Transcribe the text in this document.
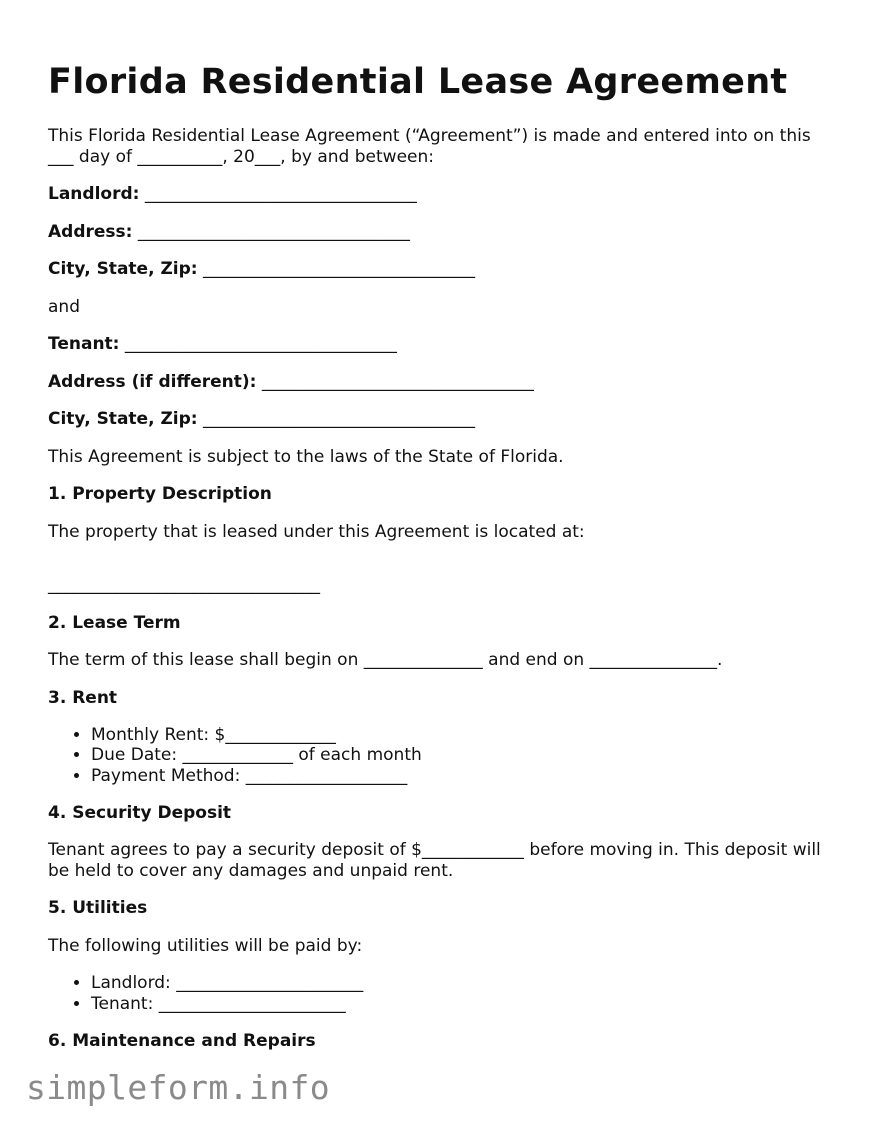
Florida Residential Lease Agreement

This Florida Residential Lease Agreement (“Agreement”) is made and entered into on this ___ day of __________, 20___, by and between:

Landlord: ________________________________

Address: ________________________________

City, State, Zip: ________________________________

and

Tenant: ________________________________

Address (if different): ________________________________

City, State, Zip: ________________________________

This Agreement is subject to the laws of the State of Florida.

1. Property Description

The property that is leased under this Agreement is located at:

________________________________

2. Lease Term

The term of this lease shall begin on ______________ and end on _______________.

3. Rent
• Monthly Rent: $_____________
• Due Date: _____________ of each month
• Payment Method: ___________________
4. Security Deposit

Tenant agrees to pay a security deposit of $____________ before moving in. This deposit will be held to cover any damages and unpaid rent.

5. Utilities

The following utilities will be paid by:

• Landlord: ______________________
• Tenant: ______________________
6. Maintenance and Repairs
simpleform.info
